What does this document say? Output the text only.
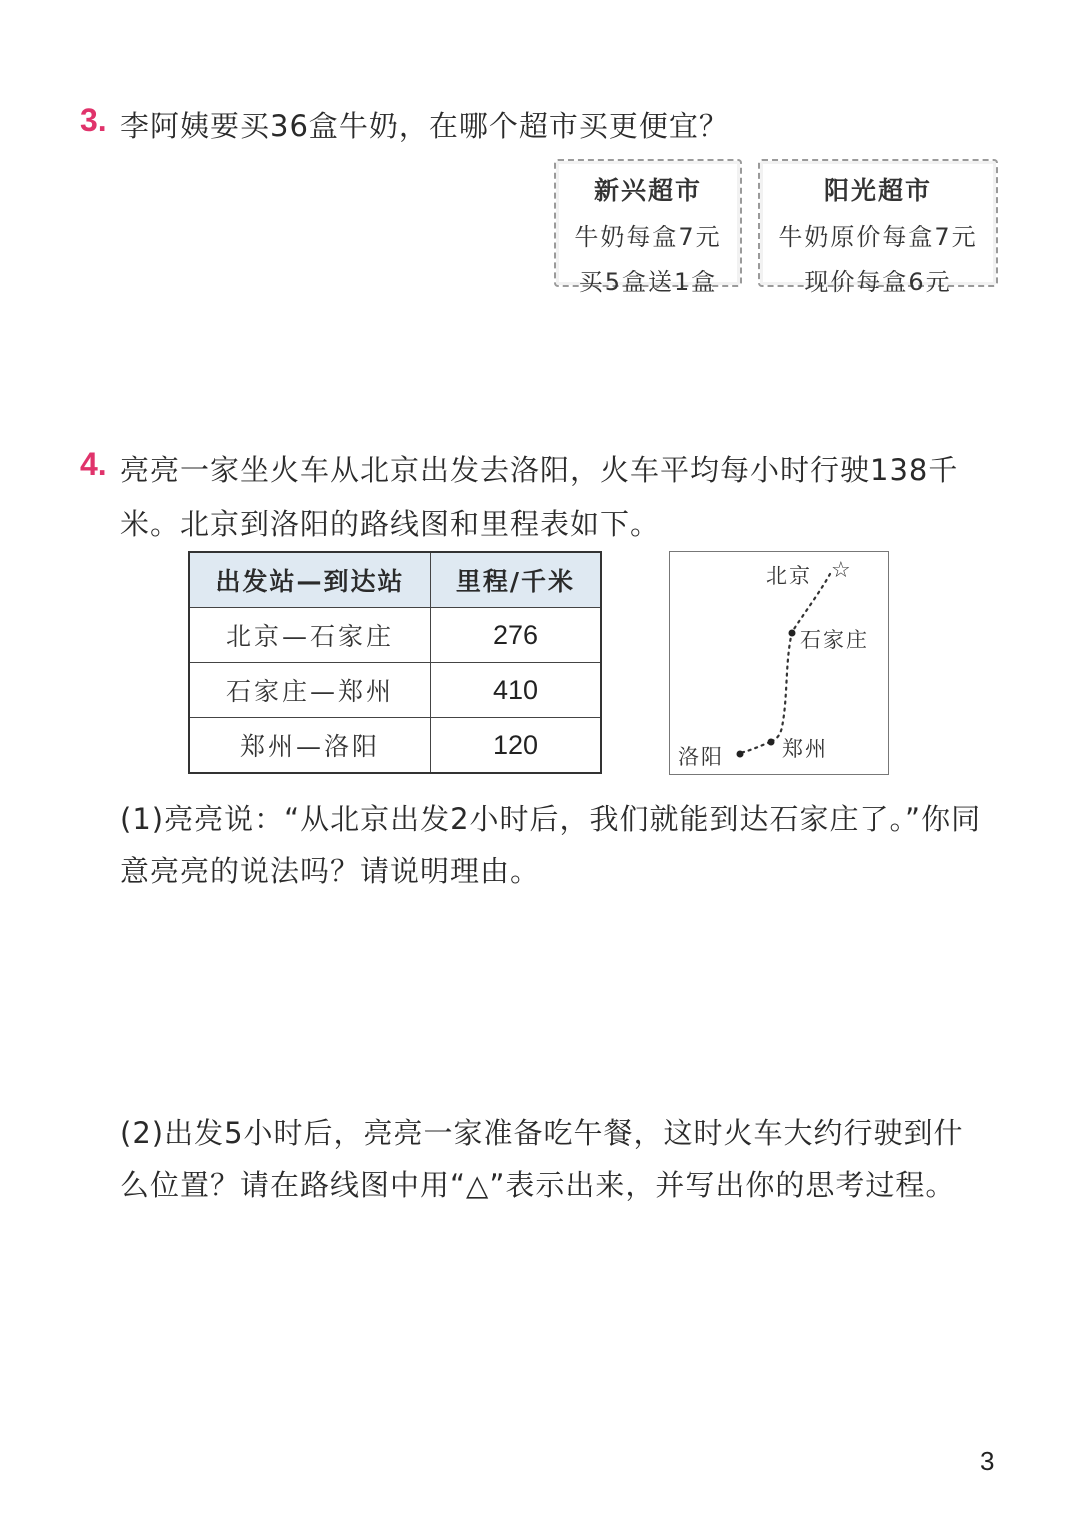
3. 李阿姨要买36盒牛奶，在哪个超市买更便宜？
新兴超市
牛奶每盒7元
买5盒送1盒
阳光超市
牛奶原价每盒7元
现价每盒6元
4. 亮亮一家坐火车从北京出发去洛阳，火车平均每小时行驶138千
米。北京到洛阳的路线图和里程表如下。
出发站—到达站	里程/千米
北京—石家庄	276
石家庄—郑州	410
郑州—洛阳	120
北京 ☆
石家庄
郑州
洛阳
(1)亮亮说：“从北京出发2小时后，我们就能到达石家庄了。”你同
意亮亮的说法吗？请说明理由。
(2)出发5小时后，亮亮一家准备吃午餐，这时火车大约行驶到什
么位置？请在路线图中用“△”表示出来，并写出你的思考过程。
3
